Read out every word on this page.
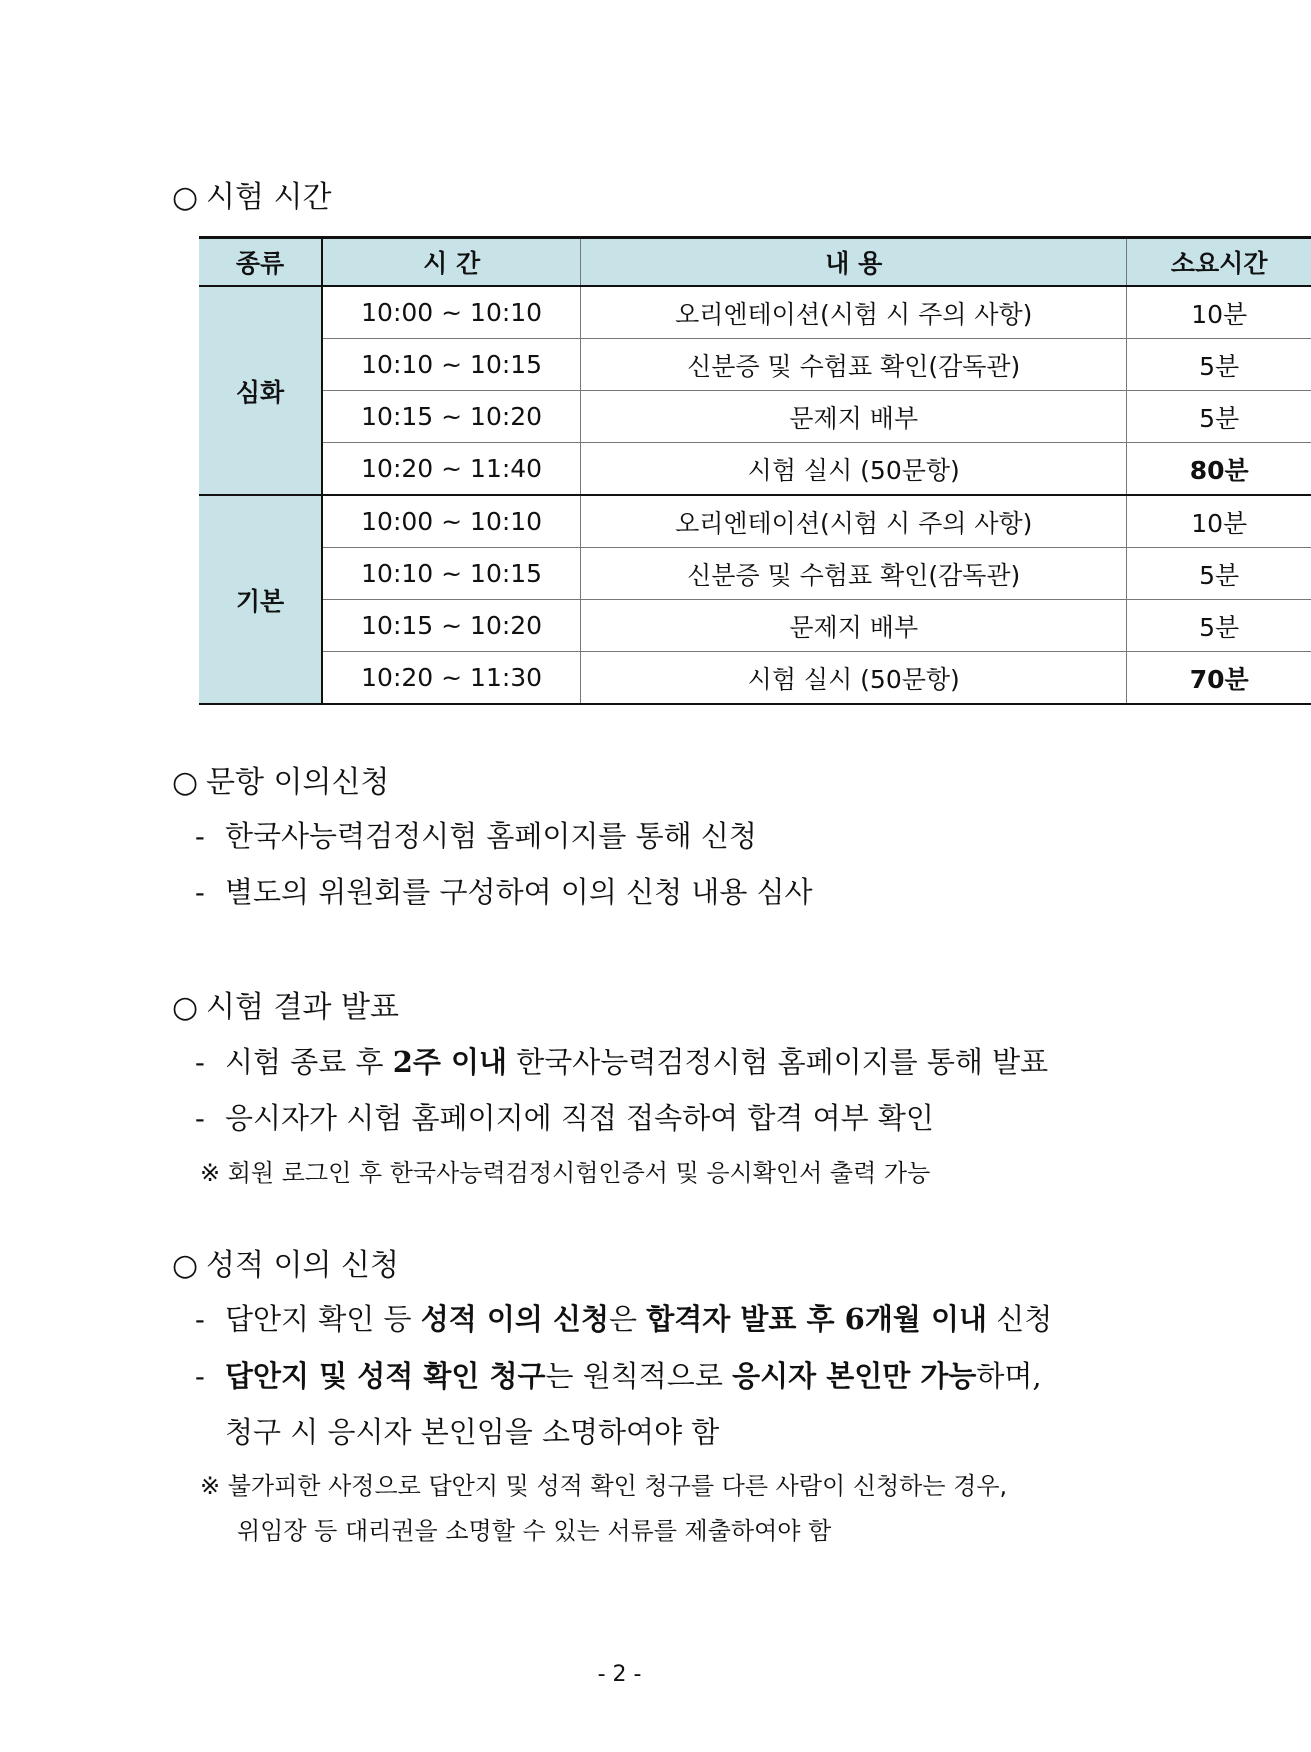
○ 시험 시간
종류	시 간	내 용	소요시간
심화	10:00 ~ 10:10	오리엔테이션(시험 시 주의 사항)	10분
	10:10 ~ 10:15	신분증 및 수험표 확인(감독관)	5분
	10:15 ~ 10:20	문제지 배부	5분
	10:20 ~ 11:40	시험 실시 (50문항)	80분
기본	10:00 ~ 10:10	오리엔테이션(시험 시 주의 사항)	10분
	10:10 ~ 10:15	신분증 및 수험표 확인(감독관)	5분
	10:15 ~ 10:20	문제지 배부	5분
	10:20 ~ 11:30	시험 실시 (50문항)	70분
○ 문항 이의신청
- 한국사능력검정시험 홈페이지를 통해 신청
- 별도의 위원회를 구성하여 이의 신청 내용 심사
○ 시험 결과 발표
- 시험 종료 후 2주 이내 한국사능력검정시험 홈페이지를 통해 발표
- 응시자가 시험 홈페이지에 직접 접속하여 합격 여부 확인
※ 회원 로그인 후 한국사능력검정시험인증서 및 응시확인서 출력 가능
○ 성적 이의 신청
- 답안지 확인 등 성적 이의 신청은 합격자 발표 후 6개월 이내 신청
- 답안지 및 성적 확인 청구는 원칙적으로 응시자 본인만 가능하며,
청구 시 응시자 본인임을 소명하여야 함
※ 불가피한 사정으로 답안지 및 성적 확인 청구를 다른 사람이 신청하는 경우,
위임장 등 대리권을 소명할 수 있는 서류를 제출하여야 함
- 2 -
